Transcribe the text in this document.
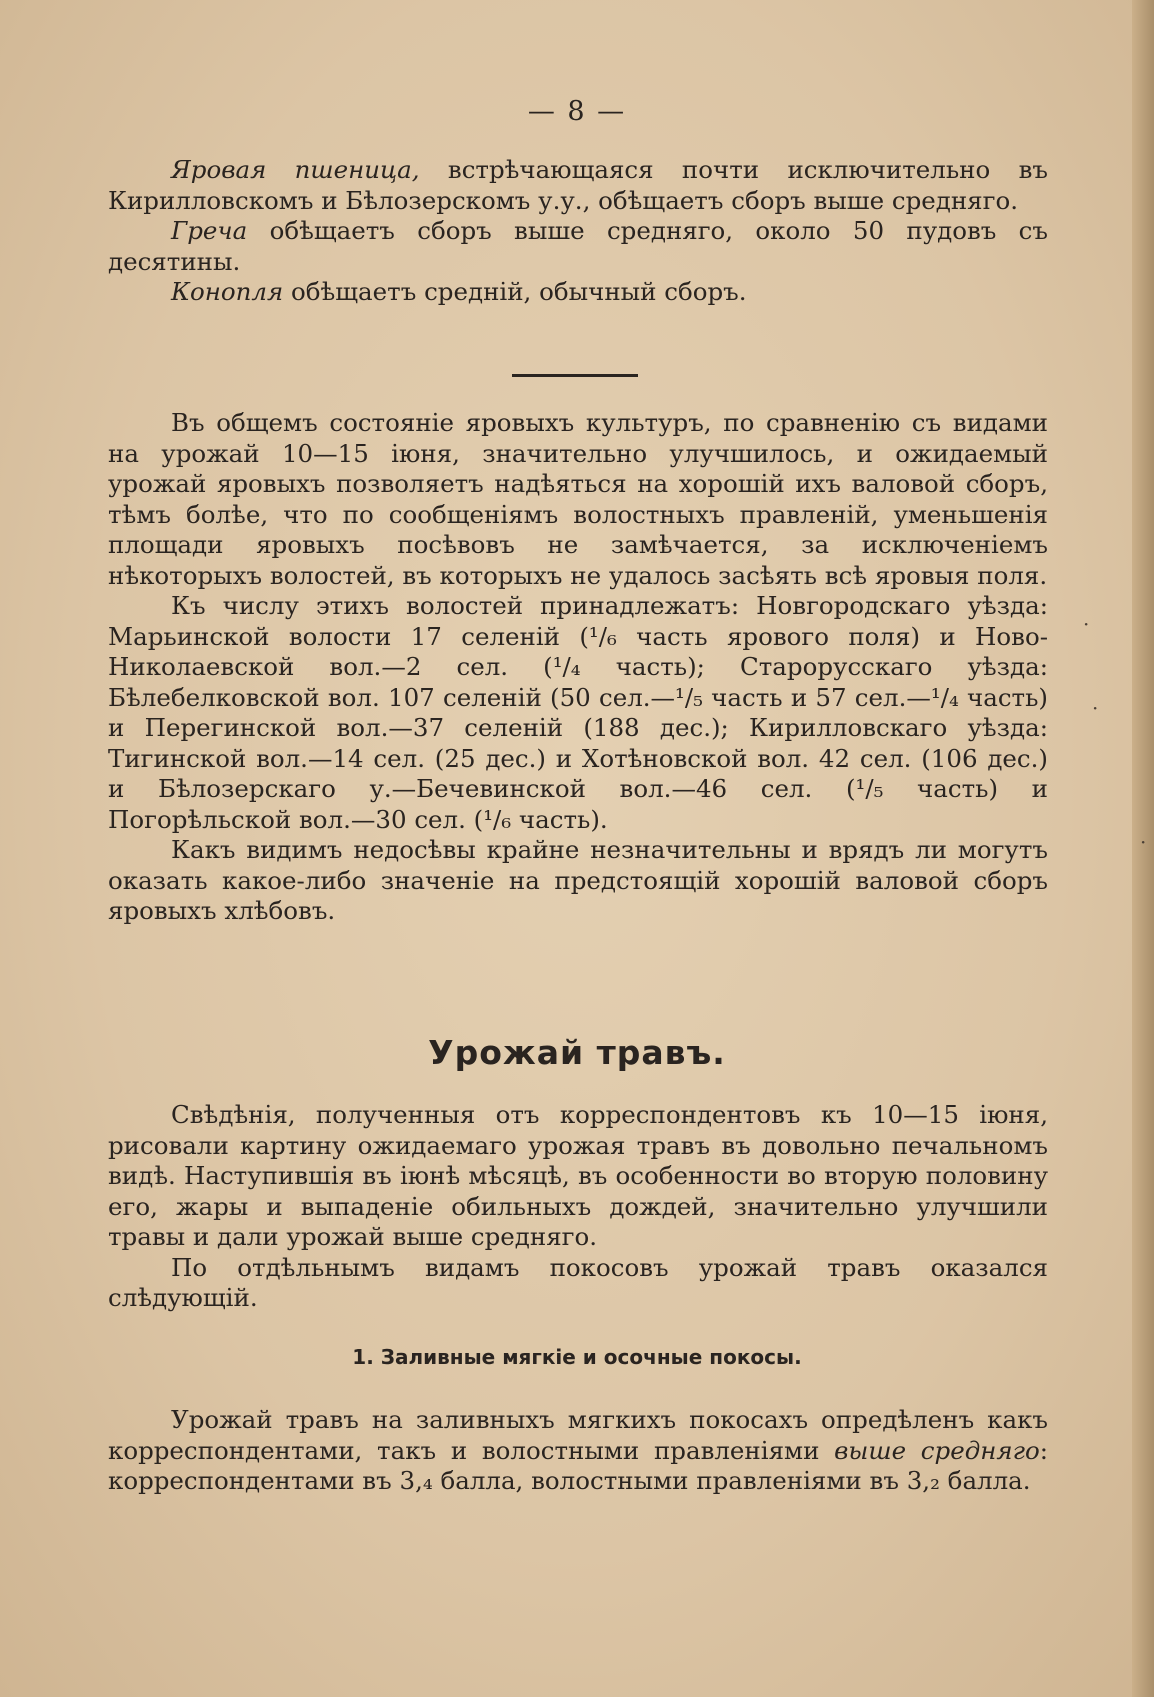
— 8 —

Яровая пшеница, встрѣчающаяся почти исключительно въ Кирилловскомъ и Бѣлозерскомъ у.у., обѣщаетъ сборъ выше средняго.

Греча обѣщаетъ сборъ выше средняго, около 50 пудовъ съ десятины.

Конопля обѣщаетъ средній, обычный сборъ.

Въ общемъ состояніе яровыхъ культуръ, по сравненію съ видами на урожай 10—15 іюня, значительно улучшилось, и ожидаемый урожай яровыхъ позволяетъ надѣяться на хорошій ихъ валовой сборъ, тѣмъ болѣе, что по сообщеніямъ волостныхъ правленій, уменьшенія площади яровыхъ посѣвовъ не замѣчается, за исключеніемъ нѣкоторыхъ волостей, въ которыхъ не удалось засѣять всѣ яровыя поля.

Къ числу этихъ волостей принадлежатъ: Новгородскаго уѣзда: Марьинской волости 17 селеній (¹/₆ часть ярового поля) и Ново-Николаевской вол.—2 сел. (¹/₄ часть); Старорусскаго уѣзда: Бѣлебелковской вол. 107 селеній (50 сел.—¹/₅ часть и 57 сел.—¹/₄ часть) и Перегинской вол.—37 селеній (188 дес.); Кирилловскаго уѣзда: Тигинской вол.—14 сел. (25 дес.) и Хотѣновской вол. 42 сел. (106 дес.) и Бѣлозерскаго у.—Бечевинской вол.—46 сел. (¹/₅ часть) и Погорѣльской вол.—30 сел. (¹/₆ часть).

Какъ видимъ недосѣвы крайне незначительны и врядъ ли могутъ оказать какое-либо значеніе на предстоящій хорошій валовой сборъ яровыхъ хлѣбовъ.

Урожай травъ.

Свѣдѣнія, полученныя отъ корреспондентовъ къ 10—15 іюня, рисовали картину ожидаемаго урожая травъ въ довольно печальномъ видѣ. Наступившія въ іюнѣ мѣсяцѣ, въ особенности во вторую половину его, жары и выпаденіе обильныхъ дождей, значительно улучшили травы и дали урожай выше средняго.

По отдѣльнымъ видамъ покосовъ урожай травъ оказался слѣдующій.

1. Заливные мягкіе и осочные покосы.

Урожай травъ на заливныхъ мягкихъ покосахъ опредѣленъ какъ корреспондентами, такъ и волостными правленіями выше средняго: корреспондентами въ 3,₄ балла, волостными правленіями въ 3,₂ балла.

·
·
·
